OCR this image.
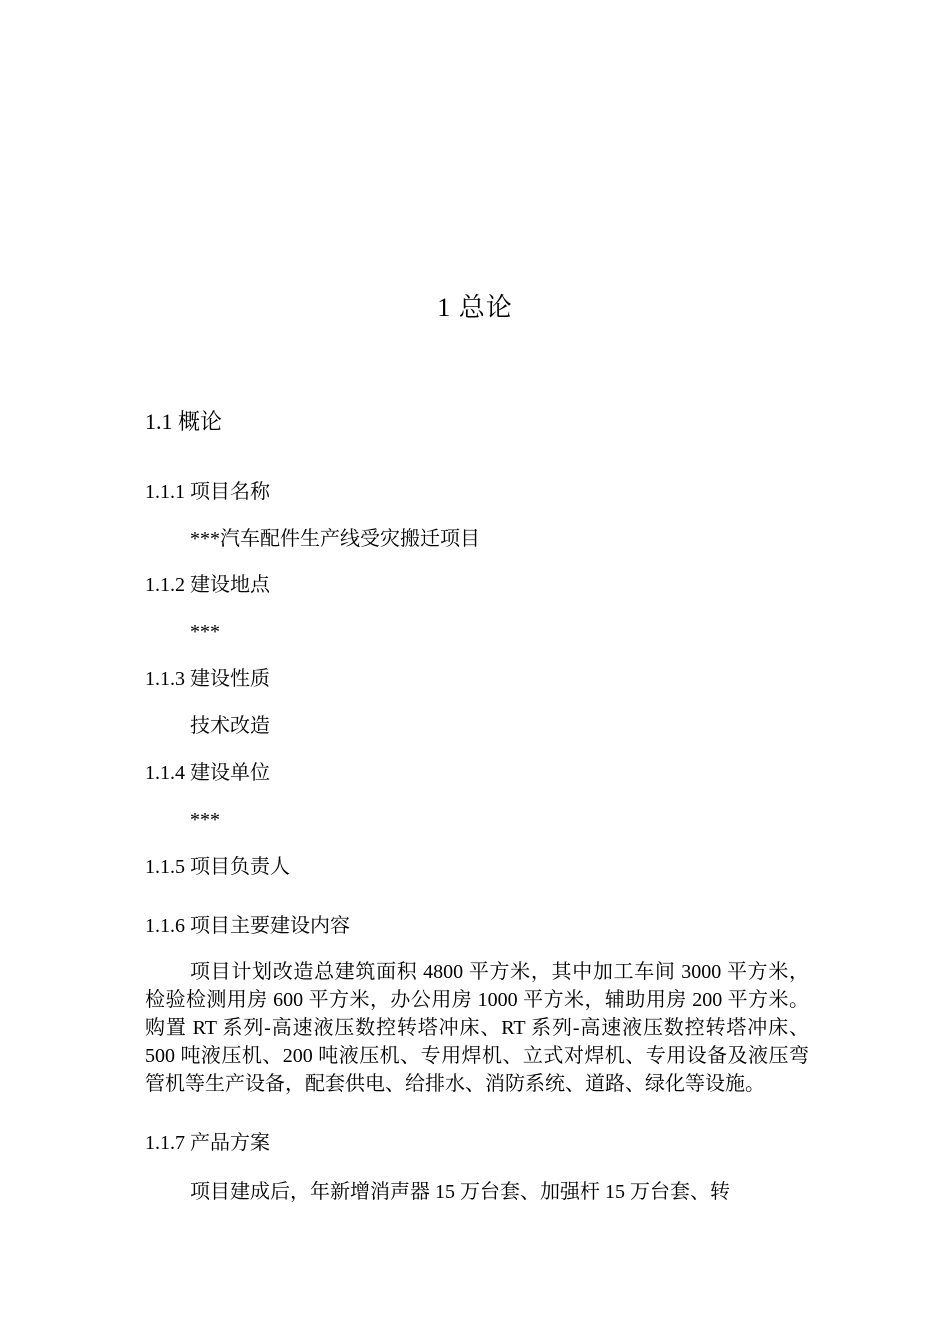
1 总论
1.1 概论
1.1.1 项目名称
***汽车配件生产线受灾搬迁项目
1.1.2 建设地点
***
1.1.3 建设性质
技术改造
1.1.4 建设单位
***
1.1.5 项目负责人
1.1.6 项目主要建设内容
项目计划改造总建筑面积 4800 平方米，其中加工车间 3000 平方米，检验检测用房 600 平方米，办公用房 1000 平方米，辅助用房 200 平方米。购置 RT 系列-高速液压数控转塔冲床、RT 系列-高速液压数控转塔冲床、500 吨液压机、200 吨液压机、专用焊机、立式对焊机、专用设备及液压弯管机等生产设备，配套供电、给排水、消防系统、道路、绿化等设施。
1.1.7 产品方案
项目建成后，年新增消声器 15 万台套、加强杆 15 万台套、转
